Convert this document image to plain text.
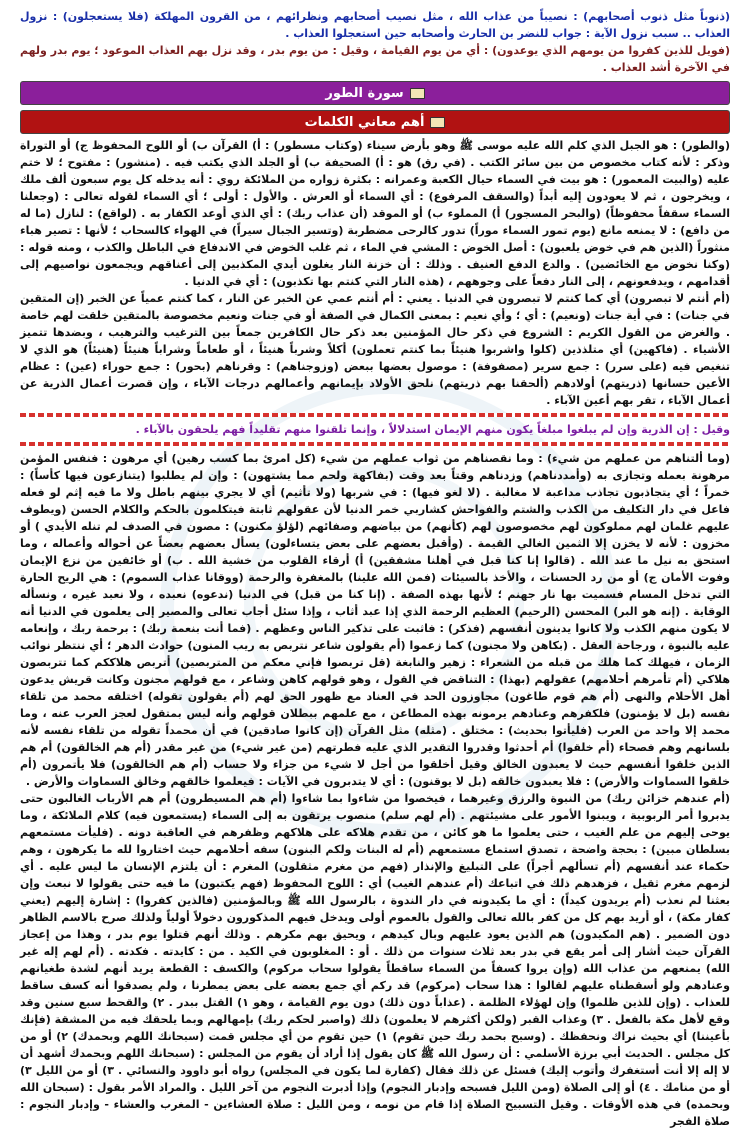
(ذنوباً مثل ذنوب أصحابهم) : نصيباً من عذاب الله ، مثل نصيب أصحابهم ونظرائهم ، من القرون المهلكة (فلا يستعجلون) : نزول العذاب .. سبب نزول الآية : جواب للنضر بن الحارث وأصحابه حين استعجلوا العذاب .

(فويل للذين كفروا من يومهم الذي يوعدون) : أي من يوم القيامة ، وقيل : من يوم بدر ، وقد نزل بهم العذاب الموعود ؛ يوم بدر ولهم في الآخرة أشد العذاب .

سورة الطور
أهم معاني الكلمات

(والطور) : هو الجبل الذي كلم الله عليه موسى ﷺ وهو بأرض سيناء (وكتاب مسطور) : أ) القرآن ب) أو اللوح المحفوظ ج) أو التوراة وذكر : لأنه كتاب مخصوص من بين سائر الكتب . (في رق) هو : أ) الصحيفة ب) أو الجلد الذي يكتب فيه . (منشور) : مفتوح ؛ لا ختم عليه (والبيت المعمور) : هو بيت في السماء حيال الكعبة وعمرانه : بكثرة زواره من الملائكة روي : أنه يدخله كل يوم سبعون ألف ملك ، ويخرجون ، ثم لا يعودون إليه أبداً (والسقف المرفوع) : أي السماء أو العرش . والأول : أولى ؛ أي السماء لقوله تعالى : (وجعلنا السماء سقفاً محفوظاً) (والبحر المسجور) أ) المملوء ب) أو الموقد (أن عذاب ربك) : أي الذي أوعد الكفار به . (لواقع) : لنازل (ما له من دافع) : لا يمنعه مانع (يوم تمور السماء موراً) تدور كالرحى مضطربة (وتسير الجبال سيراً) في الهواء كالسحاب ؛ لأنها : تصير هباء منثوراً (الذين هم في خوض يلعبون) : أصل الخوض : المشي في الماء ، ثم غلب الخوض في الاندفاع في الباطل والكذب ، ومنه قوله : (وكنا نخوض مع الخائضين) . والدع الدفع العنيف . وذلك : أن خزنة النار يغلون أيدي المكذبين إلى أعناقهم ويجمعون نواصيهم إلى أقدامهم ، ويدفعونهم ، إلى النار دفعاً على وجوههم ، (هذه النار التي كنتم بها تكذبون) : أي في الدنيا .

(أم أنتم لا تبصرون) أي كما كنتم لا تبصرون في الدنيا . يعني : أم أنتم عمي عن الخبر عن النار ، كما كنتم عمياً عن الخبر (إن المتقين في جنات) : في أية جنات (ونعيم) : أي ؛ وأي نعيم : بمعنى الكمال في الصفة أو في جنات ونعيم مخصوصة بالمتقين خلقت لهم خاصة . والغرض من القول الكريم : الشروع في ذكر حال المؤمنين بعد ذكر حال الكافرين جمعاً بين الترغيب والترهيب ، وبضدها تتميز الأشياء . (فاكهين) أي متلذذين (كلوا واشربوا هنيئاً بما كنتم تعملون) أكلاً وشرباً هنيئاً ، أو طعاماً وشراباً هنيئاً (هنيئاً) هو الذي لا تنغيص فيه (على سرر) : جمع سرير (مصفوفة) : موصول بعضها ببعض (وزوجناهم) : وقرناهم (بحور) : جمع حوراء (عين) : عظام الأعين حسانها (ذريتهم) أولادهم (ألحقنا بهم ذريتهم) نلحق الأولاد بإيمانهم وأعمالهم درجات الآباء ، وإن قصرت أعمال الذرية عن أعمال الآباء ، تقر بهم أعين الآباء .

وقيل : إن الذرية وإن لم يبلغوا مبلغاً يكون منهم الإيمان استدلالاً ، وإنما تلقنوا منهم تقليداً فهم يلحقون بالآباء .

(وما ألتناهم من عملهم من شيء) : وما نقصناهم من ثواب عملهم من شيء (كل امرئ بما كسب رهين) أي مرهون : فنفس المؤمن مرهونة بعمله وتجازى به (وأمددناهم) وزدناهم وقتاً بعد وقت (بفاكهة ولحم مما يشتهون) : وإن لم يطلبوا (يتنازعون فيها كأساً) : خمراً ؛ أي يتجاذبون تجاذب مداعبة لا مغالبة . (لا لغو فيها) : في شربها (ولا تأثيم) أي لا يجري بينهم باطل ولا ما فيه إثم لو فعله فاعل في دار التكليف من الكذب والشتم والفواحش كشاربي خمر الدنيا لأن عقولهم ثابتة فيتكلمون بالحكم والكلام الحسن (ويطوف عليهم غلمان لهم مملوكون لهم مخصوصون لهم (كأنهم) من بياضهم وصفائهم (لؤلؤ مكنون) : مصون في الصدف لم تنله الأيدي ) أو مخزون : لأنه لا يخزن إلا الثمين الغالي القيمة . (وأقبل بعضهم على بعض يتساءلون) يسأل بعضهم بعضاً عن أحواله وأعماله ، وما استحق به نيل ما عند الله . (قالوا إنا كنا قبل في أهلنا مشفقين) أ) أرقاء القلوب من خشية الله . ب) أو خائفين من نزع الإيمان وفوت الأمان ج) أو من رد الحسنات ، والأخذ بالسيئات (فمن الله علينا) بالمغفرة والرحمة (ووقانا عذاب السموم) : هي الريح الحارة التي تدخل المسام فسميت بها نار جهنم ؛ لأنها بهذه الصفة . (إنا كنا من قبل) في الدنيا (ندعوه) نعبده ، ولا نعبد غيره ، ونسأله الوقاية . (إنه هو البر) المحسن (الرحيم) العظيم الرحمة الذي إذا عبد أثاب ، وإذا سئل أجاب تعالى والمصير إلى يعلمون في الدنيا أنه لا يكون منهم الكذب ولا كانوا يدينون أنفسهم (فذكر) : فاثبت على تذكير الناس وعظهم . (فما أنت بنعمة ربك) : برحمة ربك ، وإنعامه عليه بالنبوة ، ورجاحة العقل . (بكاهن ولا مجنون) كما زعموا (أم يقولون شاعر نتربص به ريب المنون) حوادث الدهر ؛ أي ننتظر نوائب الزمان ، فيهلك كما هلك من قبله من الشعراء : زهير والنابغة (قل تربصوا فإني معكم من المتربصين) أتربص هلاككم كما تتربصون هلاكي (أم تأمرهم أحلامهم) عقولهم (بهذا) : التناقض في القول ، وهو قولهم كاهن وشاعر ، مع قولهم مجنون وكانت قريش يدعون أهل الأحلام والنهى (أم هم قوم طاغون) مجاوزون الحد في العناد مع ظهور الحق لهم (أم يقولون تقوله) اختلقه محمد من تلقاء نفسه (بل لا يؤمنون) فلكفرهم وعنادهم يرمونه بهذه المطاعن ، مع علمهم ببطلان قولهم وأنه ليس بمتقول لعجز العرب عنه ، وما محمد إلا واحد من العرب (فليأتوا بحديث) : مختلق . (مثله) مثل القرآن (إن كانوا صادقين) في أن محمداً تقوله من تلقاء نفسه لأنه بلسانهم وهم فصحاء (أم خلقوا) أم أحدثوا وقدروا التقدير الذي عليه فطرتهم (من غير شيء) من غير مقدر (أم هم الخالقون) أم هم الذين خلقوا أنفسهم حيث لا يعبدون الخالق وقيل أخلقوا من أجل لا شيء من جزاء ولا حساب (أم هم الخالقون) فلا يأتمرون (أم خلقوا السماوات والأرض) : فلا يعبدون خالقه (بل لا يوقنون) : أي لا يتدبرون في الآيات : فيعلموا خالقهم وخالق السماوات والأرض .

(أم عندهم خزائن ربك) من النبوة والرزق وغيرهما ، فيخصوا من شاءوا بما شاءوا (أم هم المسيطرون) أم هم الأرباب الغالبون حتى يدبروا أمر الربوبية ، ويبنوا الأمور على مشيئتهم . (أم لهم سلم) منصوب يرتقون به إلى السماء (يستمعون فيه) كلام الملائكة ، وما يوحى إليهم من علم الغيب ، حتى يعلموا ما هو كائن ، من تقدم هلاكه على هلاكهم وظفرهم في العاقبة دونه . (فليأت مستمعهم بسلطان مبين) : بحجة واضحة ، تصدق استماع مستمعهم (أم له البنات ولكم البنون) سفه أحلامهم حيث اختاروا لله ما يكرهون ، وهم حكماء عند أنفسهم (أم تسألهم أجراً) على التبليغ والإنذار (فهم من مغرم مثقلون) المغرم : أن يلتزم الإنسان ما ليس عليه . أي لزمهم مغرم ثقيل ، فزهدهم ذلك في اتباعك (أم عندهم الغيب) أي : اللوح المحفوظ (فهم يكتبون) ما فيه حتى يقولوا لا نبعث وإن بعثنا لم نعذب (أم يريدون كيداً) : أي ما يكيدونه في دار الندوة ، بالرسول الله ﷺ وبالمؤمنين (فالذين كفروا) : إشارة إليهم (يعني كفار مكة) ، أو أريد بهم كل من كفر بالله تعالى والقول بالعموم أولى ويدخل فيهم المذكورون دخولاً أولياً ولذلك صرح بالاسم الظاهر دون الضمير . (هم المكيدون) هم الذين يعود عليهم وبال كيدهم ، ويحيق بهم مكرهم . وذلك أنهم قتلوا يوم بدر ، وهذا من إعجاز القرآن حيث أشار إلى أمر يقع في بدر بعد ثلاث سنوات من ذلك . أو : المغلوبون في الكيد . من : كايدته . فكدته . (أم لهم إله غير الله) يمنعهم من عذاب الله (وإن يروا كسفاً من السماء ساقطاً يقولوا سحاب مركوم) والكسف : القطعة يريد أنهم لشدة طغيانهم وعنادهم ولو أسقطناه عليهم لقالوا : هذا سحاب (مركوم) قد ركم أي جمع بعضه على بعض يمطرنا ، ولم يصدقوا أنه كسف ساقط للعذاب . (وإن للذين ظلموا) وإن لهؤلاء الظلمة . (عذاباً دون ذلك) دون يوم القيامة ، وهو ١) القتل ببدر . ٢) والقحط سبع سنين وقد وقع لأهل مكة بالفعل . ٣) وعذاب القبر (ولكن أكثرهم لا يعلمون) ذلك (واصبر لحكم ربك) بإمهالهم وبما يلحقك فيه من المشقة (فإنك بأعيننا) أي بحيث نراك ونحفظك . (وسبح بحمد ربك حين تقوم) ١) حين تقوم من أي مجلس قمت (سبحانك اللهم وبحمدك) ٢) أو من كل مجلس . الحديث أبي برزة الأسلمي : أن رسول الله ﷺ كان يقول إذا أراد أن يقوم من المجلس : (سبحانك اللهم وبحمدك أشهد أن لا إله إلا أنت أستغفرك وأتوب إليك) فسئل عن ذلك فقال (كفارة لما يكون في المجلس) رواه أبو داوود والنسائي . ٣) أو من الليل ٣) أو من منامك . ٤) أو إلى الصلاة (ومن الليل فسبحه وإدبار النجوم) وإذا أدبرت النجوم من آخر الليل . والمراد الأمر بقول : (سبحان الله وبحمده) في هذه الأوقات . وقيل التسبيح الصلاة إذا قام من نومه ، ومن الليل : صلاة العشاءين - المغرب والعشاء - وإدبار النجوم : صلاة الفجر
